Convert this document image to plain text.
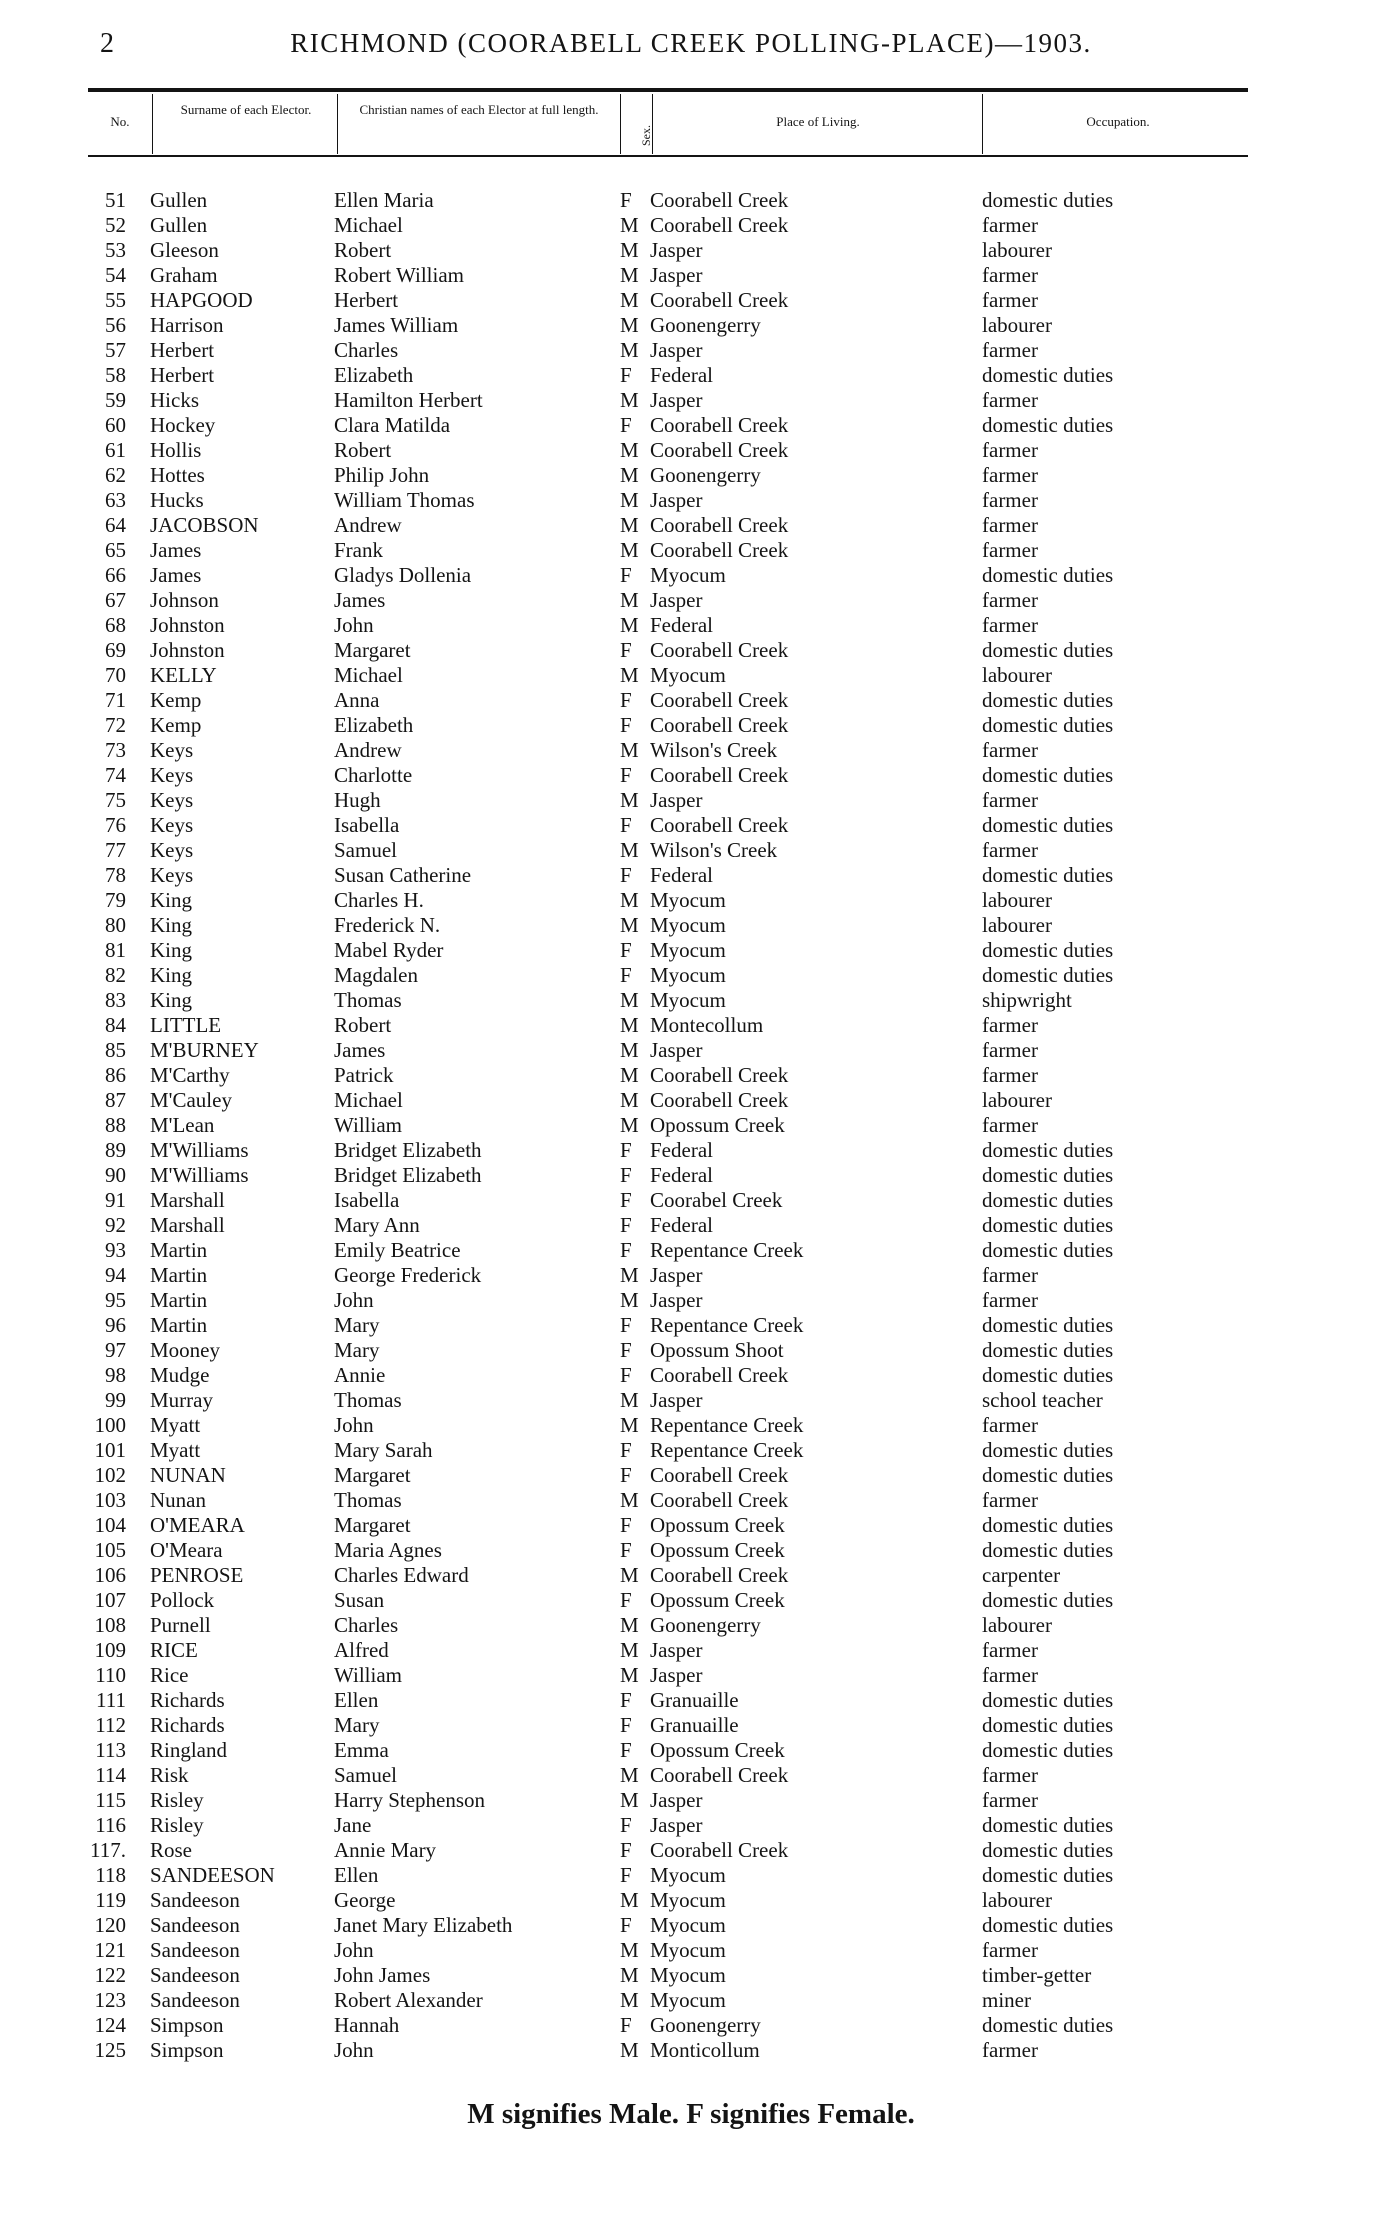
2	RICHMOND (COORABELL CREEK POLLING-PLACE)—1903.
No.
Surname of each Elector.	Christian names of each Elector at full length.
Sex.
Place of Living.	Occupation.
51 Gullen	Ellen Maria	F Coorabell Creek	domestic duties
52 Gullen	Michael	M Coorabell Creek	farmer
53 Gleeson	Robert	M Jasper	labourer
54 Graham	Robert William	M Jasper	farmer
55 HAPGOOD	Herbert	M Coorabell Creek	farmer
56 Harrison	James William	M Goonengerry	labourer
57 Herbert	Charles	M Jasper	farmer
58 Herbert	Elizabeth	F Federal	domestic duties
59 Hicks	Hamilton Herbert	M Jasper	farmer
60 Hockey	Clara Matilda	F Coorabell Creek	domestic duties
61 Hollis	Robert	M Coorabell Creek	farmer
62 Hottes	Philip John	M Goonengerry	farmer
63 Hucks	William Thomas	M Jasper	farmer
64 JACOBSON	Andrew	M Coorabell Creek	farmer
65 James	Frank	M Coorabell Creek	farmer
66 James	Gladys Dollenia	F Myocum	domestic duties
67 Johnson	James	M Jasper	farmer
68 Johnston	John	M Federal	farmer
69 Johnston	Margaret	F Coorabell Creek	domestic duties
70 KELLY	Michael	M Myocum	labourer
71 Kemp	Anna	F Coorabell Creek	domestic duties
72 Kemp	Elizabeth	F Coorabell Creek	domestic duties
73 Keys	Andrew	M Wilson's Creek	farmer
74 Keys	Charlotte	F Coorabell Creek	domestic duties
75 Keys	Hugh	M Jasper	farmer
76 Keys	Isabella	F Coorabell Creek	domestic duties
77 Keys	Samuel	M Wilson's Creek	farmer
78 Keys	Susan Catherine	F Federal	domestic duties
79 King	Charles H.	M Myocum	labourer
80 King	Frederick N.	M Myocum	labourer
81 King	Mabel Ryder	F Myocum	domestic duties
82 King	Magdalen	F Myocum	domestic duties
83 King	Thomas	M Myocum	shipwright
84 LITTLE	Robert	M Montecollum	farmer
85 M'BURNEY	James	M Jasper	farmer
86 M'Carthy	Patrick	M Coorabell Creek	farmer
87 M'Cauley	Michael	M Coorabell Creek	labourer
88 M'Lean	William	M Opossum Creek	farmer
89 M'Williams	Bridget Elizabeth	F Federal	domestic duties
90 M'Williams	Bridget Elizabeth	F Federal	domestic duties
91 Marshall	Isabella	F Coorabel Creek	domestic duties
92 Marshall	Mary Ann	F Federal	domestic duties
93 Martin	Emily Beatrice	F Repentance Creek	domestic duties
94 Martin	George Frederick	M Jasper	farmer
95 Martin	John	M Jasper	farmer
96 Martin	Mary	F Repentance Creek	domestic duties
97 Mooney	Mary	F Opossum Shoot	domestic duties
98 Mudge	Annie	F Coorabell Creek	domestic duties
99 Murray	Thomas	M Jasper	school teacher
100 Myatt	John	M Repentance Creek	farmer
101 Myatt	Mary Sarah	F Repentance Creek	domestic duties
102 NUNAN	Margaret	F Coorabell Creek	domestic duties
103 Nunan	Thomas	M Coorabell Creek	farmer
104 O'MEARA	Margaret	F Opossum Creek	domestic duties
105 O'Meara	Maria Agnes	F Opossum Creek	domestic duties
106 PENROSE	Charles Edward	M Coorabell Creek	carpenter
107 Pollock	Susan	F Opossum Creek	domestic duties
108 Purnell	Charles	M Goonengerry	labourer
109 RICE	Alfred	M Jasper	farmer
110 Rice	William	M Jasper	farmer
111 Richards	Ellen	F Granuaille	domestic duties
112 Richards	Mary	F Granuaille	domestic duties
113 Ringland	Emma	F Opossum Creek	domestic duties
114 Risk	Samuel	M Coorabell Creek	farmer
115 Risley	Harry Stephenson	M Jasper	farmer
116 Risley	Jane	F Jasper	domestic duties
117. Rose	Annie Mary	F Coorabell Creek	domestic duties
118 SANDEESON	Ellen	F Myocum	domestic duties
119 Sandeeson	George	M Myocum	labourer
120 Sandeeson	Janet Mary Elizabeth	F Myocum	domestic duties
121 Sandeeson	John	M Myocum	farmer
122 Sandeeson	John James	M Myocum	timber-getter
123 Sandeeson	Robert Alexander	M Myocum	miner
124 Simpson	Hannah	F Goonengerry	domestic duties
125 Simpson	John	M Monticollum	farmer
M signifies Male. F signifies Female.
